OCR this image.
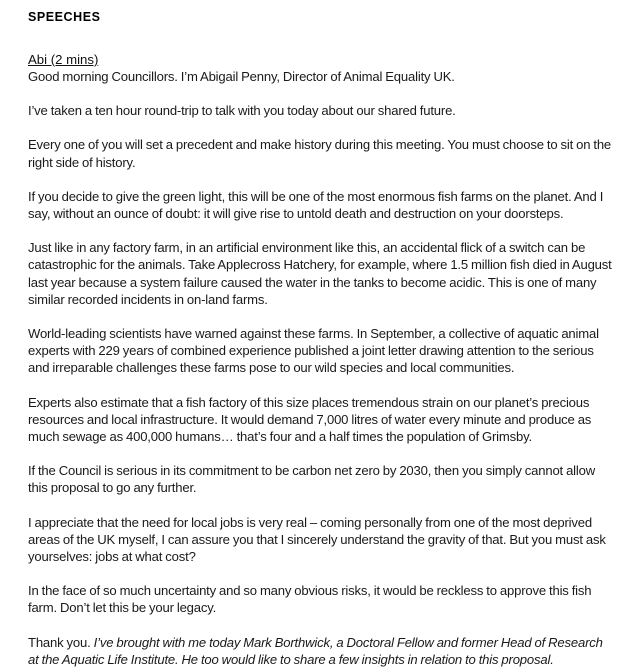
SPEECHES
Abi (2 mins)

Good morning Councillors. I’m Abigail Penny, Director of Animal Equality UK.

I’ve taken a ten hour round-trip to talk with you today about our shared future.

Every one of you will set a precedent and make history during this meeting. You must choose to sit on the right side of history.

If you decide to give the green light, this will be one of the most enormous fish farms on the planet. And I say, without an ounce of doubt: it will give rise to untold death and destruction on your doorsteps.

Just like in any factory farm, in an artificial environment like this, an accidental flick of a switch can be catastrophic for the animals. Take Applecross Hatchery, for example, where 1.5 million fish died in August last year because a system failure caused the water in the tanks to become acidic. This is one of many similar recorded incidents in on-land farms.

World-leading scientists have warned against these farms. In September, a collective of aquatic animal experts with 229 years of combined experience published a joint letter drawing attention to the serious and irreparable challenges these farms pose to our wild species and local communities.

Experts also estimate that a fish factory of this size places tremendous strain on our planet’s precious resources and local infrastructure. It would demand 7,000 litres of water every minute and produce as much sewage as 400,000 humans… that’s four and a half times the population of Grimsby.

If the Council is serious in its commitment to be carbon net zero by 2030, then you simply cannot allow this proposal to go any further.

I appreciate that the need for local jobs is very real – coming personally from one of the most deprived areas of the UK myself, I can assure you that I sincerely understand the gravity of that. But you must ask yourselves: jobs at what cost?

In the face of so much uncertainty and so many obvious risks, it would be reckless to approve this fish farm. Don’t let this be your legacy.

Thank you. I’ve brought with me today Mark Borthwick, a Doctoral Fellow and former Head of Research at the Aquatic Life Institute. He too would like to share a few insights in relation to this proposal.
